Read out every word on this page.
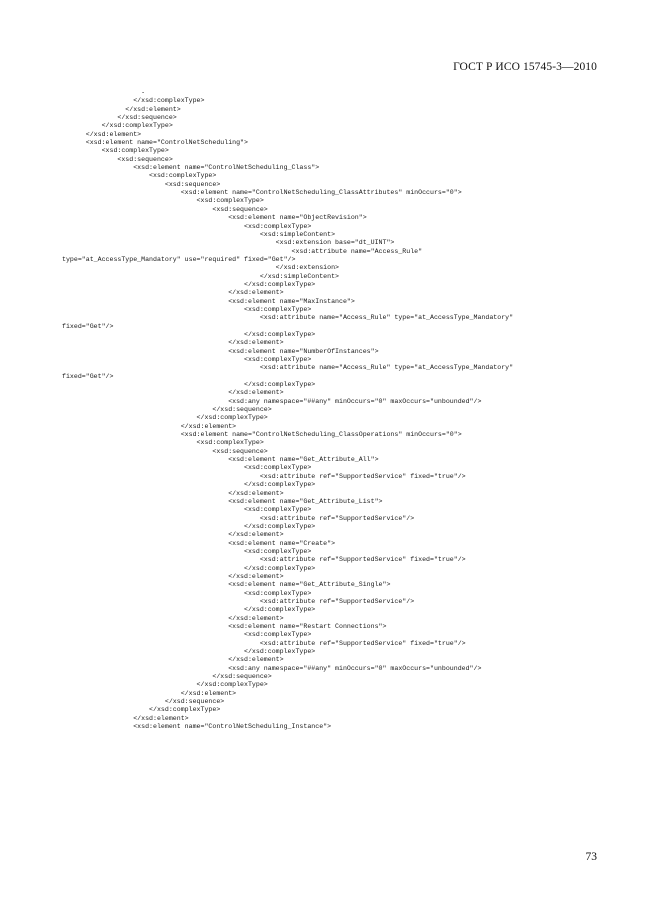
ГОСТ Р ИСО 15745-3—2010
-
</xsd:complexType>
</xsd:element>
</xsd:sequence>
</xsd:complexType>
</xsd:element>
<xsd:element name="ControlNetScheduling">
<xsd:complexType>
<xsd:sequence>
<xsd:element name="ControlNetScheduling_Class">
<xsd:complexType>
<xsd:sequence>
<xsd:element name="ControlNetScheduling_ClassAttributes" minOccurs="0">
<xsd:complexType>
<xsd:sequence>
<xsd:element name="ObjectRevision">
<xsd:complexType>
<xsd:simpleContent>
<xsd:extension base="dt_UINT">
<xsd:attribute name="Access_Rule"
type="at_AccessType_Mandatory" use="required" fixed="Get"/>
</xsd:extension>
</xsd:simpleContent>
</xsd:complexType>
</xsd:element>
<xsd:element name="MaxInstance">
<xsd:complexType>
<xsd:attribute name="Access_Rule" type="at_AccessType_Mandatory"
fixed="Get"/>
</xsd:complexType>
</xsd:element>
<xsd:element name="NumberOfInstances">
<xsd:complexType>
<xsd:attribute name="Access_Rule" type="at_AccessType_Mandatory"
fixed="Get"/>
</xsd:complexType>
</xsd:element>
<xsd:any namespace="##any" minOccurs="0" maxOccurs="unbounded"/>
</xsd:sequence>
</xsd:complexType>
</xsd:element>
<xsd:element name="ControlNetScheduling_ClassOperations" minOccurs="0">
<xsd:complexType>
<xsd:sequence>
<xsd:element name="Get_Attribute_All">
<xsd:complexType>
<xsd:attribute ref="SupportedService" fixed="true"/>
</xsd:complexType>
</xsd:element>
<xsd:element name="Get_Attribute_List">
<xsd:complexType>
<xsd:attribute ref="SupportedService"/>
</xsd:complexType>
</xsd:element>
<xsd:element name="Create">
<xsd:complexType>
<xsd:attribute ref="SupportedService" fixed="true"/>
</xsd:complexType>
</xsd:element>
<xsd:element name="Get_Attribute_Single">
<xsd:complexType>
<xsd:attribute ref="SupportedService"/>
</xsd:complexType>
</xsd:element>
<xsd:element name="Restart Connections">
<xsd:complexType>
<xsd:attribute ref="SupportedService" fixed="true"/>
</xsd:complexType>
</xsd:element>
<xsd:any namespace="##any" minOccurs="0" maxOccurs="unbounded"/>
</xsd:sequence>
</xsd:complexType>
</xsd:element>
</xsd:sequence>
</xsd:complexType>
</xsd:element>
<xsd:element name="ControlNetScheduling_Instance">
73
